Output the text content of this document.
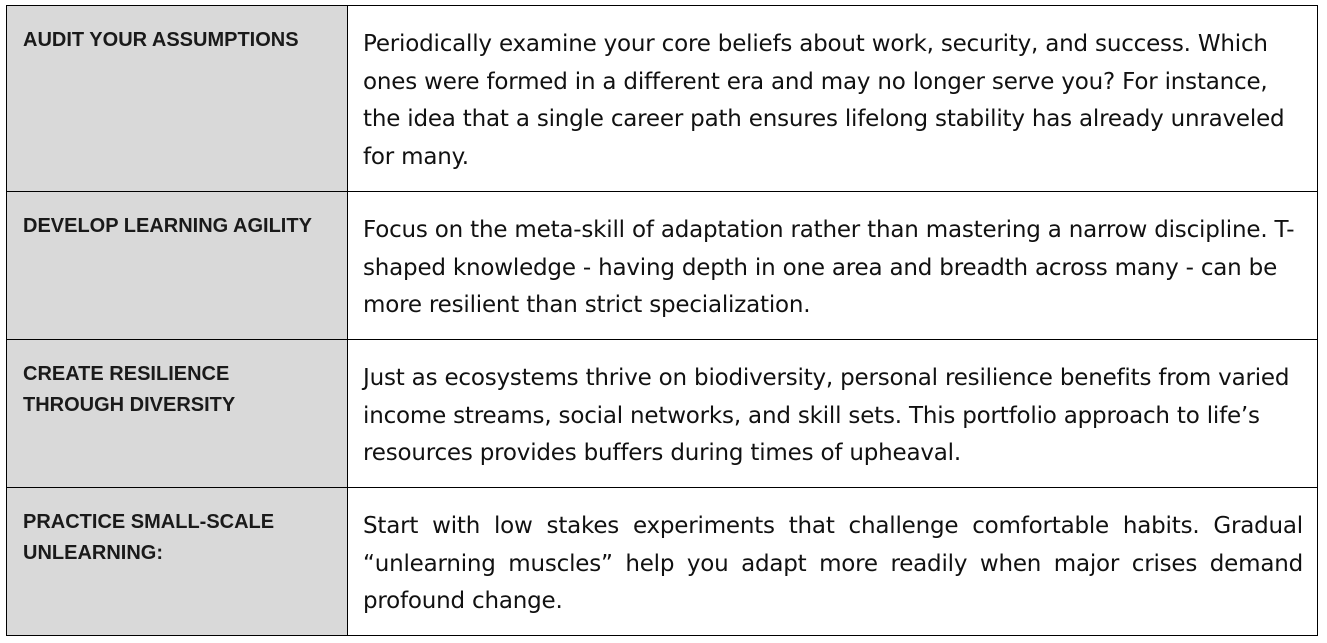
AUDIT YOUR ASSUMPTIONS	Periodically examine your core beliefs about work, security, and success. Which ones were formed in a different era and may no longer serve you? For instance, the idea that a single career path ensures lifelong stability has already unraveled for many.

DEVELOP LEARNING AGILITY	Focus on the meta-skill of adaptation rather than mastering a narrow discipline. T-shaped knowledge - having depth in one area and breadth across many - can be more resilient than strict specialization.

CREATE RESILIENCE
THROUGH DIVERSITY	Just as ecosystems thrive on biodiversity, personal resilience benefits from varied income streams, social networks, and skill sets. This portfolio approach to life’s resources provides buffers during times of upheaval.

PRACTICE SMALL-SCALE
UNLEARNING:	Start with low stakes experiments that challenge comfortable habits. Gradual “unlearning muscles” help you adapt more readily when major crises demand profound change.
